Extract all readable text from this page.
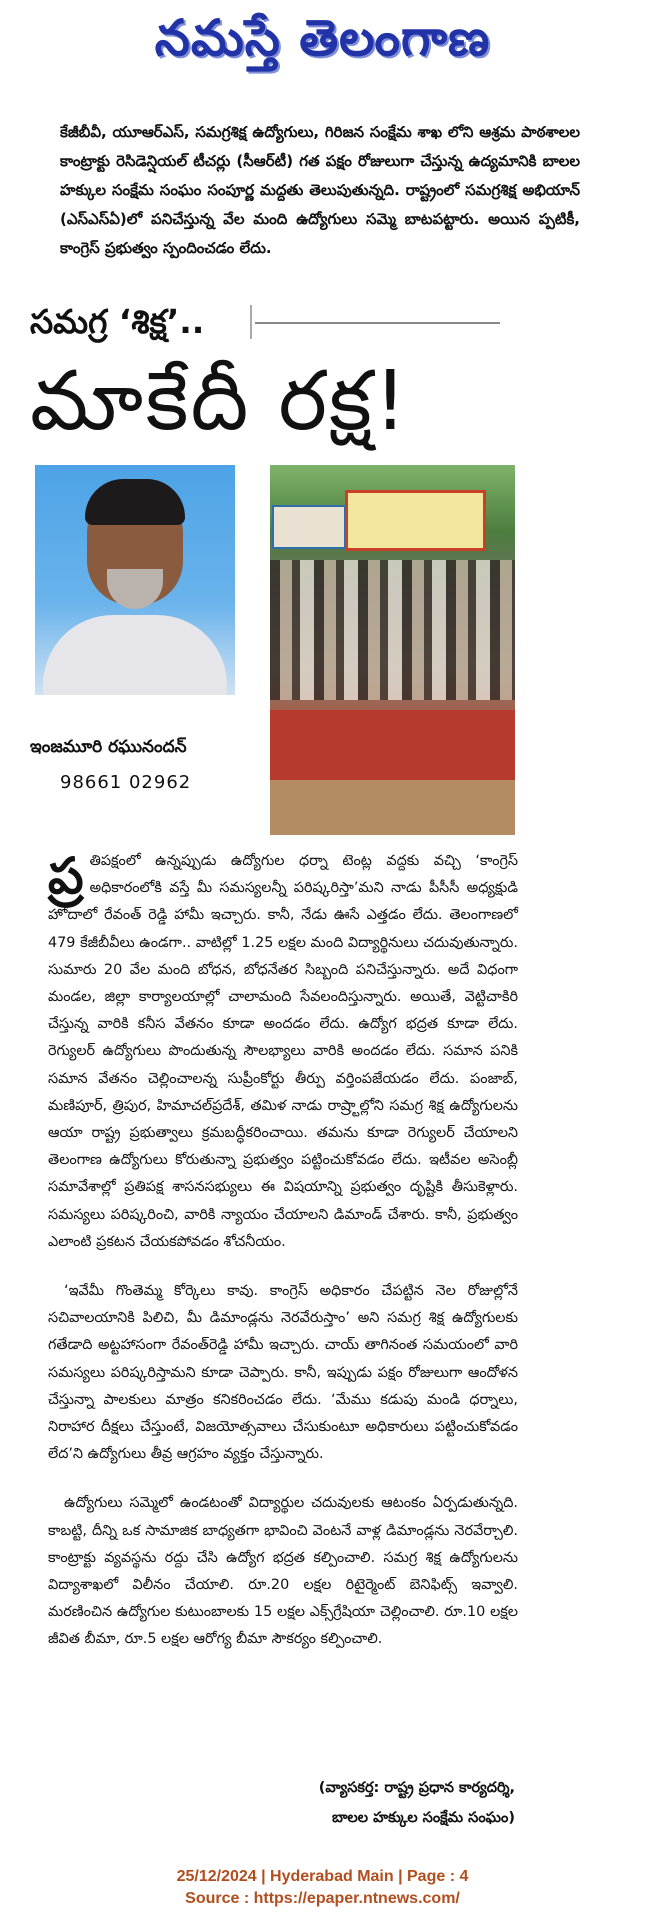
నమస్తే తెలంగాణ
కేజీబీవీ, యూఆర్ఎస్, సమగ్రశిక్ష ఉద్యోగులు, గిరిజన సంక్షేమ శాఖ లోని ఆశ్రమ పాఠశాలల కాంట్రాక్టు రెసిడెన్షియల్ టీచర్లు (సీఆర్‌టీ) గత పక్షం రోజులుగా చేస్తున్న ఉద్యమానికి బాలల హక్కుల సంక్షేమ సంఘం సంపూర్ణ మద్దతు తెలుపుతున్నది. రాష్ట్రంలో సమగ్రశిక్ష అభియాన్ (ఎస్ఎస్ఏ)లో పనిచేస్తున్న వేల మంది ఉద్యోగులు సమ్మె బాటపట్టారు. అయిన ప్పటికీ, కాంగ్రెస్ ప్రభుత్వం స్పందించడం లేదు.
సమగ్ర ‘శిక్ష’..
మాకేదీ రక్ష!
ఇంజమూరి రఘునందన్
98661 02962

ప్ర తిపక్షంలో ఉన్నప్పుడు ఉద్యోగుల ధర్నా టెంట్ల వద్దకు వచ్చి ‘కాంగ్రెస్ అధికారంలోకి వస్తే మీ సమస్యలన్నీ పరిష్కరిస్తా’మని నాడు పీసీసీ అధ్యక్షుడి హోదాలో రేవంత్ రెడ్డి హామీ ఇచ్చారు. కానీ, నేడు ఊసే ఎత్తడం లేదు. తెలంగాణలో 479 కేజీబీవీలు ఉండగా.. వాటిల్లో 1.25 లక్షల మంది విద్యార్థినులు చదువుతున్నారు. సుమారు 20 వేల మంది బోధన, బోధనేతర సిబ్బంది పనిచేస్తున్నారు. అదే విధంగా మండల, జిల్లా కార్యాలయాల్లో చాలామంది సేవలందిస్తున్నారు. అయితే, వెట్టిచాకిరి చేస్తున్న వారికి కనీస వేతనం కూడా అందడం లేదు. ఉద్యోగ భద్రత కూడా లేదు. రెగ్యులర్ ఉద్యోగులు పొందుతున్న సౌలభ్యాలు వారికి అందడం లేదు. సమాన పనికి సమాన వేతనం చెల్లించాలన్న సుప్రీంకోర్టు తీర్పు వర్తింపజేయడం లేదు. పంజాబ్, మణిపూర్, త్రిపుర, హిమాచల్‌ప్రదేశ్, తమిళ నాడు రాష్ర్టాల్లోని సమగ్ర శిక్ష ఉద్యోగులను ఆయా రాష్ట్ర ప్రభుత్వాలు క్రమబద్ధీకరించాయి. తమను కూడా రెగ్యులర్ చేయాలని తెలంగాణ ఉద్యోగులు కోరుతున్నా ప్రభుత్వం పట్టించుకోవడం లేదు. ఇటీవల అసెంబ్లీ సమావేశాల్లో ప్రతిపక్ష శాసనసభ్యులు ఈ విషయాన్ని ప్రభుత్వం దృష్టికి తీసుకెళ్లారు. సమస్యలు పరిష్కరించి, వారికి న్యాయం చేయాలని డిమాండ్ చేశారు. కానీ, ప్రభుత్వం ఎలాంటి ప్రకటన చేయకపోవడం శోచనీయం.

‘ఇవేమీ గొంతెమ్మ కోర్కెలు కావు. కాంగ్రెస్ అధికారం చేపట్టిన నెల రోజుల్లోనే సచివాలయానికి పిలిచి, మీ డిమాండ్లను నెరవేరుస్తాం’ అని సమగ్ర శిక్ష ఉద్యోగులకు గతేడాది అట్టహాసంగా రేవంత్‌రెడ్డి హామీ ఇచ్చారు. చాయ్ తాగినంత సమయంలో వారి సమస్యలు పరిష్కరిస్తామని కూడా చెప్పారు. కానీ, ఇప్పుడు పక్షం రోజులుగా ఆందోళన చేస్తున్నా పాలకులు మాత్రం కనికరించడం లేదు. ‘మేము కడుపు మండి ధర్నాలు, నిరాహార దీక్షలు చేస్తుంటే, విజయోత్సవాలు చేసుకుంటూ అధికారులు పట్టించుకోవడం లేద’ని ఉద్యోగులు తీవ్ర ఆగ్రహం వ్యక్తం చేస్తున్నారు.

ఉద్యోగులు సమ్మెలో ఉండటంతో విద్యార్థుల చదువులకు ఆటంకం ఏర్పడుతున్నది. కాబట్టి, దీన్ని ఒక సామాజిక బాధ్యతగా భావించి వెంటనే వాళ్ల డిమాండ్లను నెరవేర్చాలి. కాంట్రాక్టు వ్యవస్థను రద్దు చేసి ఉద్యోగ భద్రత కల్పించాలి. సమగ్ర శిక్ష ఉద్యోగులను విద్యాశాఖలో విలీనం చేయాలి. రూ.20 లక్షల రిటైర్మెంట్ బెనిఫిట్స్ ఇవ్వాలి. మరణించిన ఉద్యోగుల కుటుంబాలకు 15 లక్షల ఎక్స్‌గ్రేషియా చెల్లించాలి. రూ.10 లక్షల జీవిత బీమా, రూ.5 లక్షల ఆరోగ్య బీమా సౌకర్యం కల్పించాలి.

(వ్యాసకర్త: రాష్ట్ర ప్రధాన కార్యదర్శి,
బాలల హక్కుల సంక్షేమ సంఘం)
25/12/2024 | Hyderabad Main | Page : 4
Source : https://epaper.ntnews.com/
